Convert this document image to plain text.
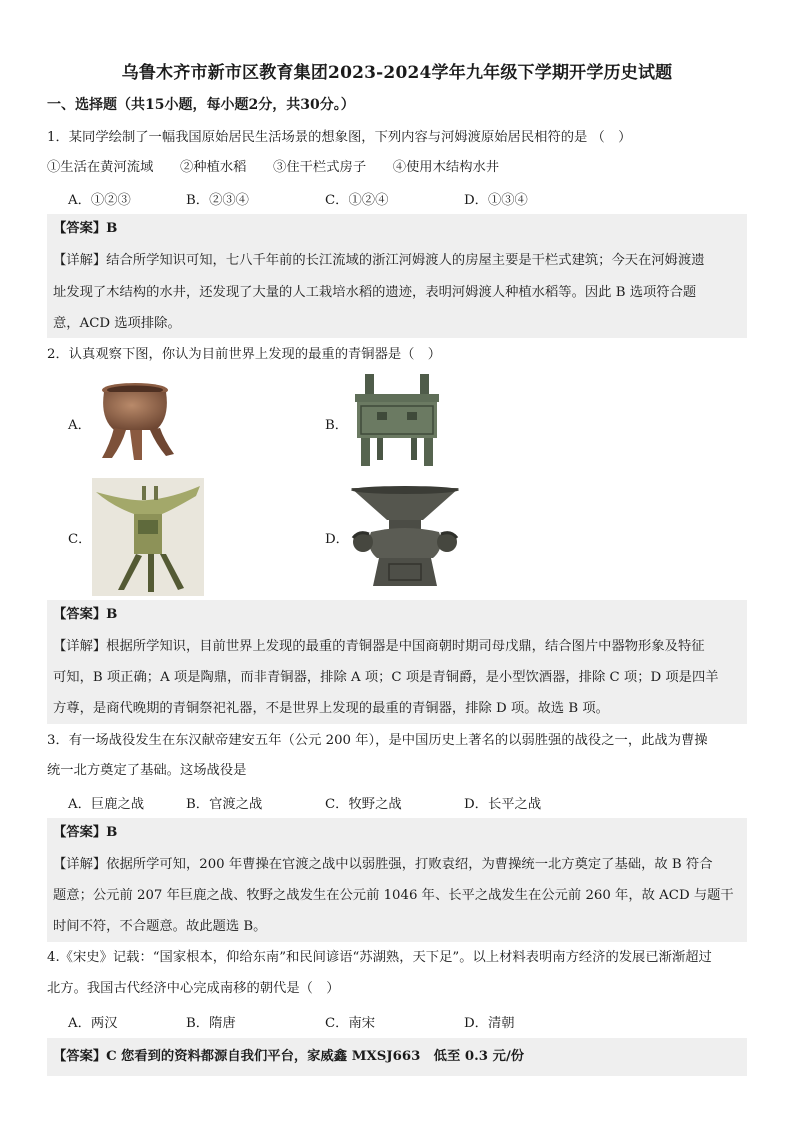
乌鲁木齐市新市区教育集团2023-2024学年九年级下学期开学历史试题
一、选择题（共15小题，每小题2分，共30分。）
1．某同学绘制了一幅我国原始居民生活场景的想象图，下列内容与河姆渡原始居民相符的是 （　）
①生活在黄河流域　　②种植水稻　　③住干栏式房子　　④使用木结构水井
A．①②③	B．②③④	C．①②④	D．①③④
【答案】B
【详解】结合所学知识可知，七八千年前的长江流域的浙江河姆渡人的房屋主要是干栏式建筑；今天在河姆渡遗
址发现了木结构的水井，还发现了大量的人工栽培水稻的遗迹，表明河姆渡人种植水稻等。因此 B 选项符合题
意，ACD 选项排除。
2．认真观察下图，你认为目前世界上发现的最重的青铜器是（　）
A．	B．
C．	D．
【答案】B
【详解】根据所学知识，目前世界上发现的最重的青铜器是中国商朝时期司母戊鼎，结合图片中器物形象及特征
可知，B 项正确；A 项是陶鼎，而非青铜器，排除 A 项；C 项是青铜爵，是小型饮酒器，排除 C 项；D 项是四羊
方尊，是商代晚期的青铜祭祀礼器，不是世界上发现的最重的青铜器，排除 D 项。故选 B 项。
3．有一场战役发生在东汉献帝建安五年（公元 200 年），是中国历史上著名的以弱胜强的战役之一，此战为曹操
统一北方奠定了基础。这场战役是
A．巨鹿之战	B．官渡之战	C．牧野之战	D．长平之战
【答案】B
【详解】依据所学可知，200 年曹操在官渡之战中以弱胜强，打败袁绍，为曹操统一北方奠定了基础，故 B 符合
题意；公元前 207 年巨鹿之战、牧野之战发生在公元前 1046 年、长平之战发生在公元前 260 年，故 ACD 与题干
时间不符，不合题意。故此题选 B。
4.《宋史》记载：“国家根本，仰给东南”和民间谚语“苏湖熟，天下足”。以上材料表明南方经济的发展已渐渐超过
北方。我国古代经济中心完成南移的朝代是（　）
A．两汉	B．隋唐	C．南宋	D．清朝
【答案】C 您看到的资料都源自我们平台，家威鑫 MXSJ663　低至 0.3 元/份
